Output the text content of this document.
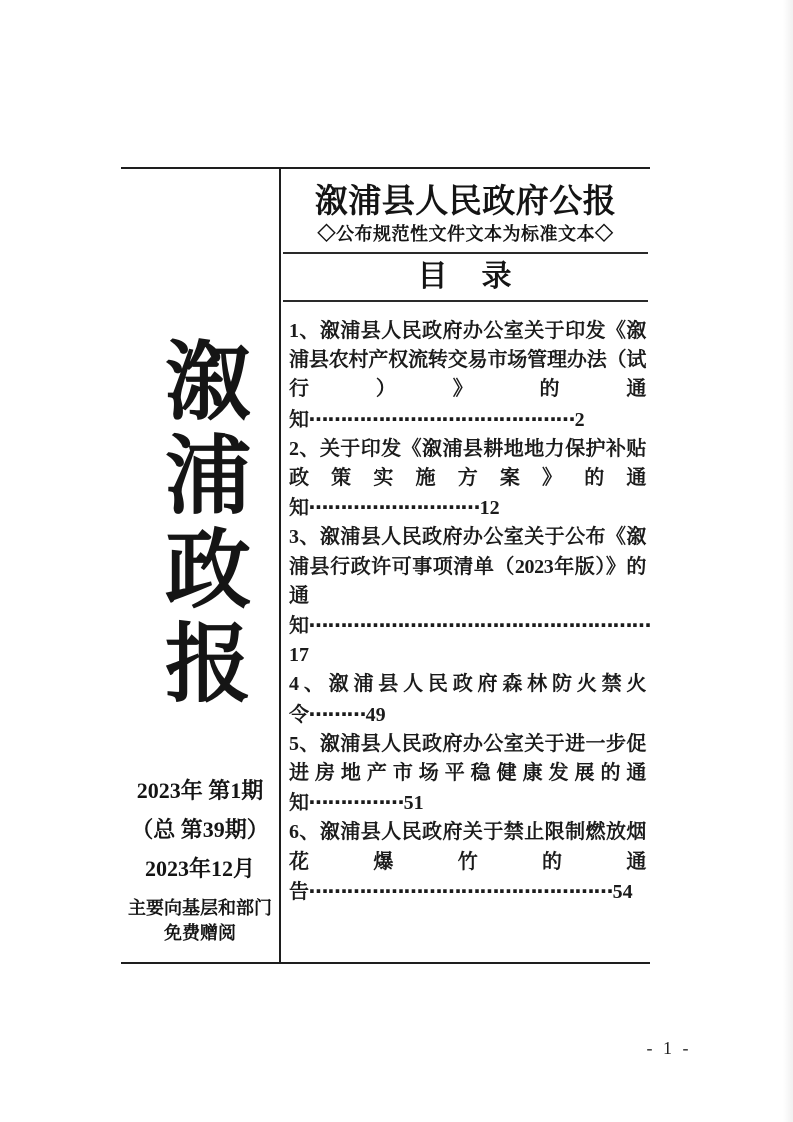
溆浦政报

2023年 第1期

（总 第39期）

2023年12月

主要向基层和部门

免费赠阅

溆浦县人民政府公报
◇公布规范性文件文本为标准文本◇
目　录

1、溆浦县人民政府办公室关于印发《溆浦县农村产权流转交易市场管理办法（试行）》的通知⋯⋯⋯⋯⋯⋯⋯⋯⋯⋯⋯⋯⋯⋯2

2、关于印发《溆浦县耕地地力保护补贴政策实施方案》的通知⋯⋯⋯⋯⋯⋯⋯⋯⋯12

3、溆浦县人民政府办公室关于公布《溆浦县行政许可事项清单（2023年版）》的通知⋯⋯⋯⋯⋯⋯⋯⋯⋯⋯⋯⋯⋯⋯⋯⋯⋯⋯17

4、溆浦县人民政府森林防火禁火令⋯⋯⋯49

5、溆浦县人民政府办公室关于进一步促进房地产市场平稳健康发展的通知⋯⋯⋯⋯⋯51

6、溆浦县人民政府关于禁止限制燃放烟花爆竹的通告⋯⋯⋯⋯⋯⋯⋯⋯⋯⋯⋯⋯⋯⋯⋯⋯54

- 1 -
